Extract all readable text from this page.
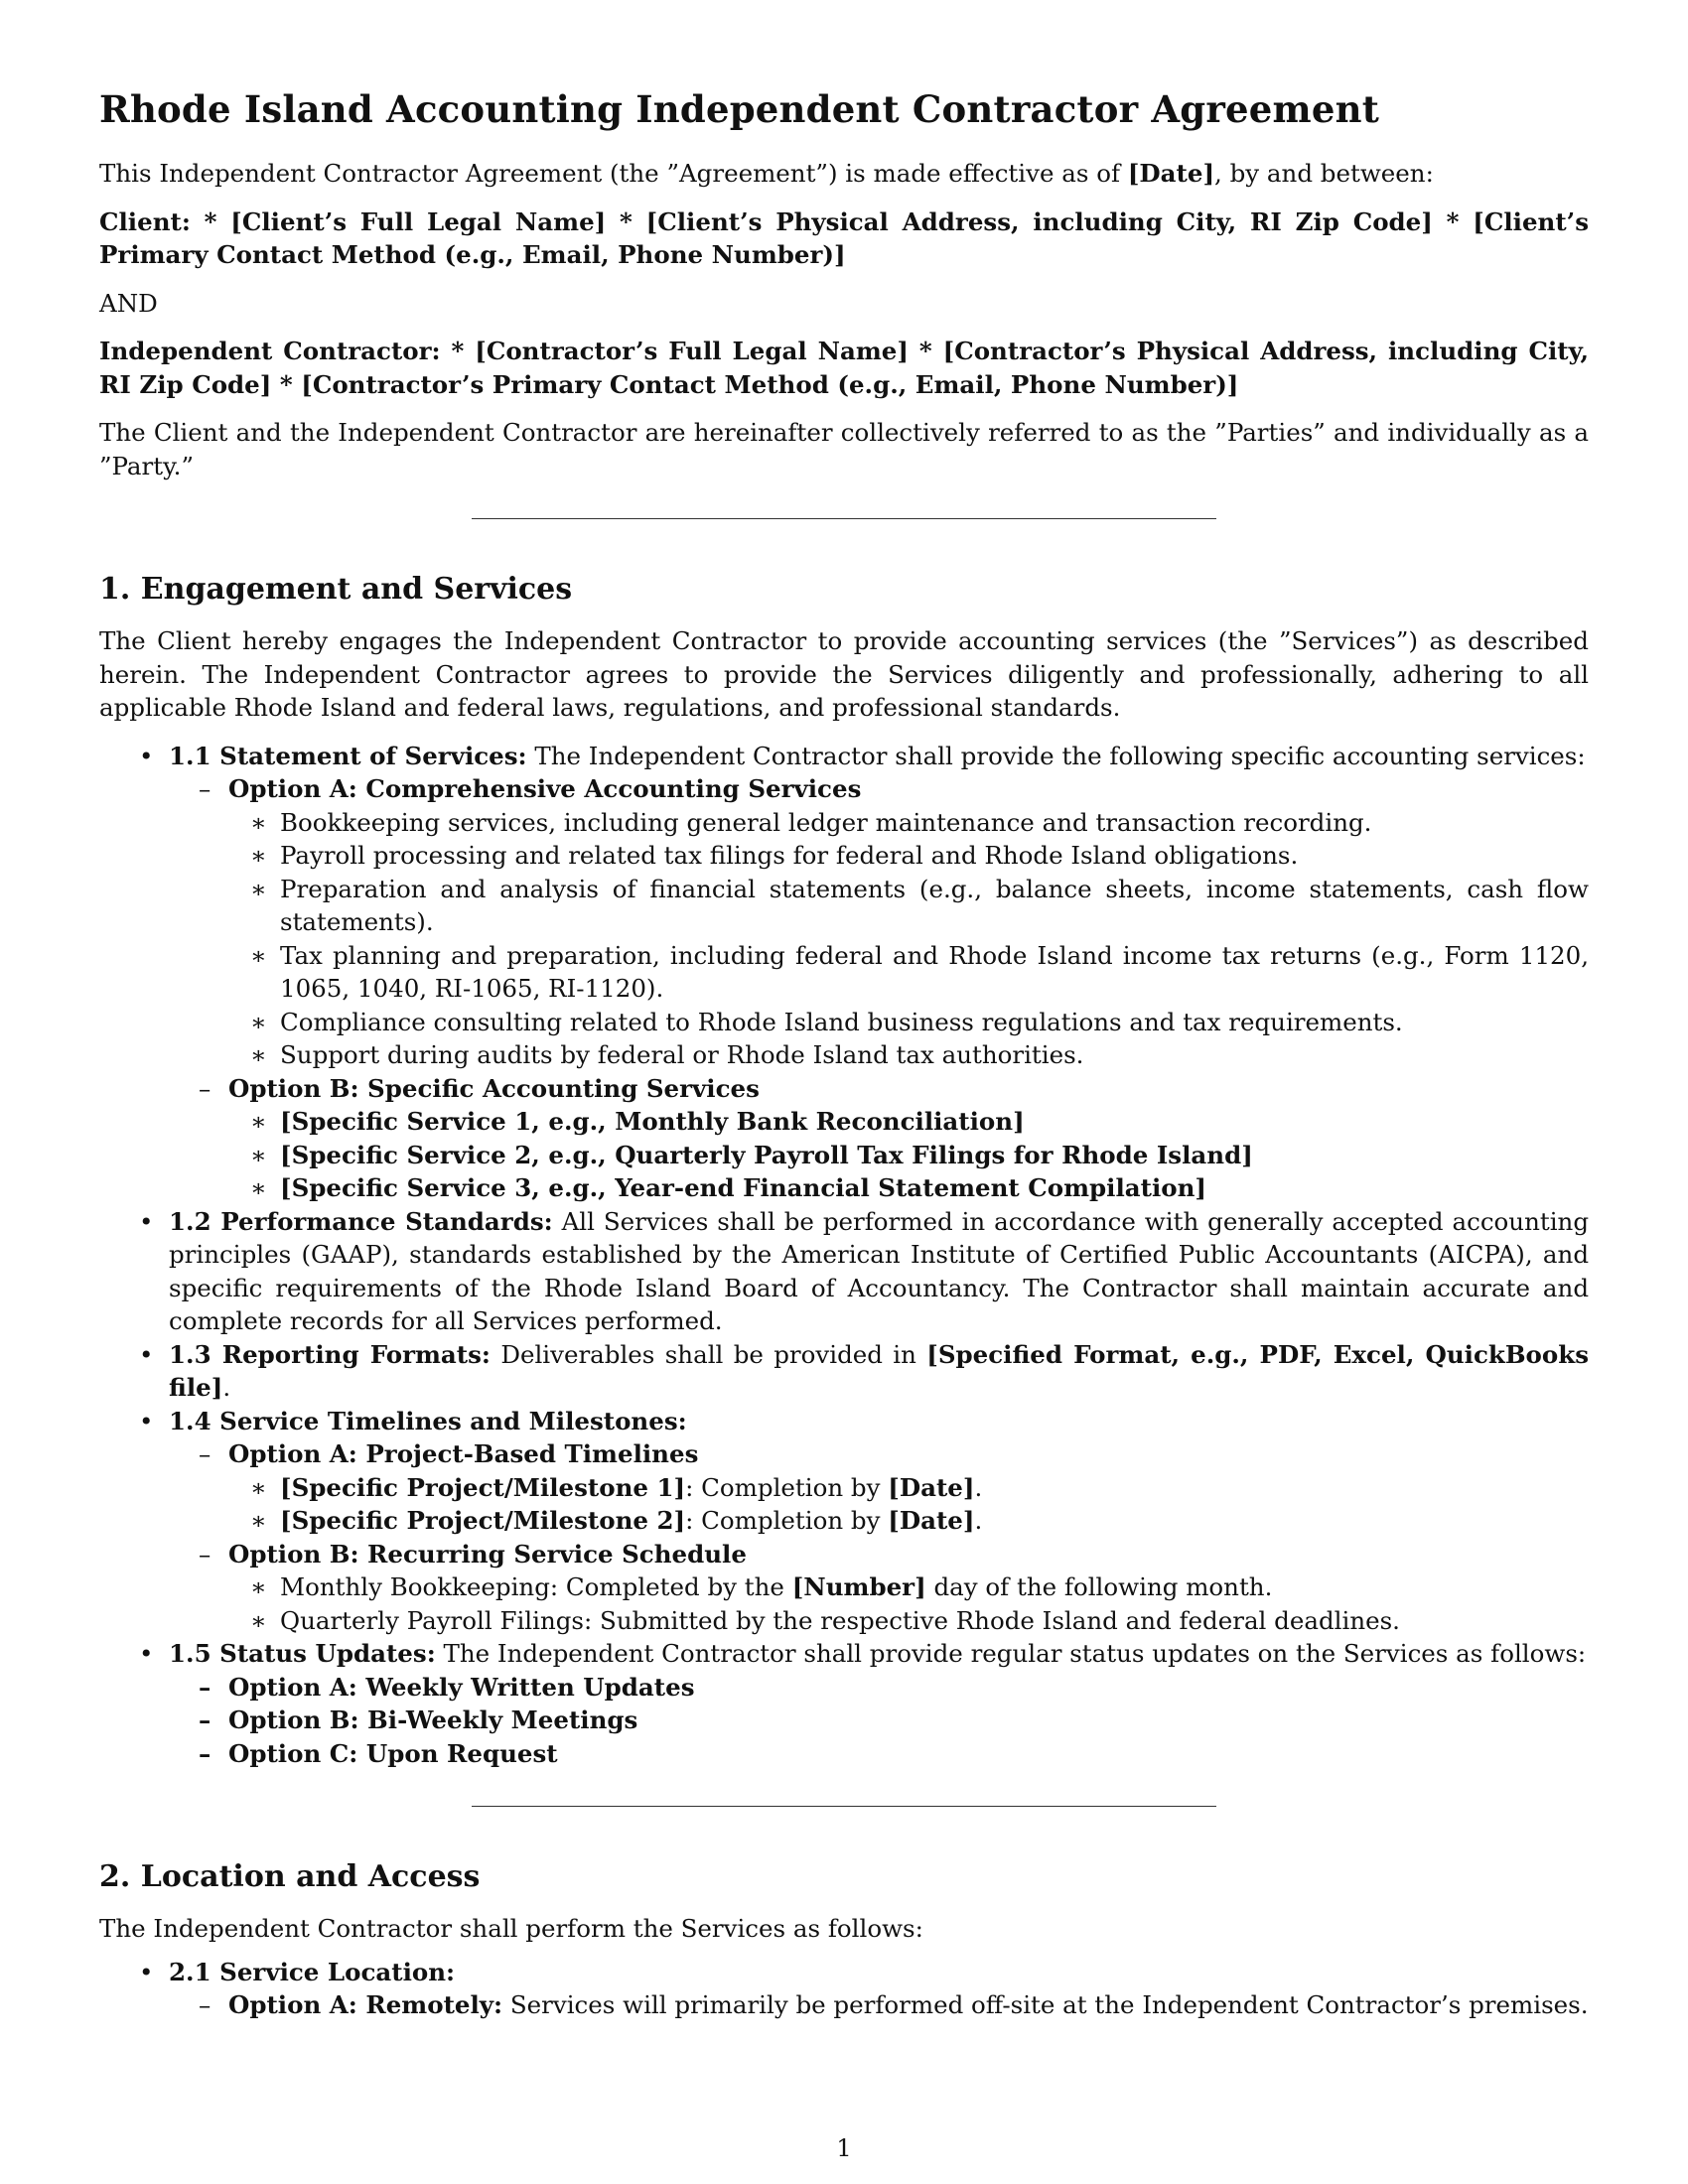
Rhode Island Accounting Independent Contractor Agreement

This Independent Contractor Agreement (the ”Agreement”) is made effective as of [Date], by and between:

Client: * [Client’s Full Legal Name] * [Client’s Physical Address, including City, RI Zip Code] * [Client’s Primary Contact Method (e.g., Email, Phone Number)]

AND

Independent Contractor: * [Contractor’s Full Legal Name] * [Contractor’s Physical Address, including City, RI Zip Code] * [Contractor’s Primary Contact Method (e.g., Email, Phone Number)]

The Client and the Independent Contractor are hereinafter collectively referred to as the ”Parties” and individually as a ”Party.”

1. Engagement and Services

The Client hereby engages the Independent Contractor to provide accounting services (the ”Services”) as described herein. The Independent Contractor agrees to provide the Services diligently and professionally, adhering to all applicable Rhode Island and federal laws, regulations, and professional standards.

• 1.1 Statement of Services: The Independent Contractor shall provide the following specific accounting services:
– Option A: Comprehensive Accounting Services
∗ Bookkeeping services, including general ledger maintenance and transaction recording.
∗ Payroll processing and related tax filings for federal and Rhode Island obligations.
∗ Preparation and analysis of financial statements (e.g., balance sheets, income statements, cash flow statements).
∗ Tax planning and preparation, including federal and Rhode Island income tax returns (e.g., Form 1120, 1065, 1040, RI-1065, RI-1120).
∗ Compliance consulting related to Rhode Island business regulations and tax requirements.
∗ Support during audits by federal or Rhode Island tax authorities.
– Option B: Specific Accounting Services
∗ [Specific Service 1, e.g., Monthly Bank Reconciliation]
∗ [Specific Service 2, e.g., Quarterly Payroll Tax Filings for Rhode Island]
∗ [Specific Service 3, e.g., Year-end Financial Statement Compilation]
• 1.2 Performance Standards: All Services shall be performed in accordance with generally accepted accounting principles (GAAP), standards established by the American Institute of Certified Public Accountants (AICPA), and specific requirements of the Rhode Island Board of Accountancy. The Contractor shall maintain accurate and complete records for all Services performed.
• 1.3 Reporting Formats: Deliverables shall be provided in [Specified Format, e.g., PDF, Excel, QuickBooks file].
• 1.4 Service Timelines and Milestones:
– Option A: Project-Based Timelines
∗ [Specific Project/Milestone 1]: Completion by [Date].
∗ [Specific Project/Milestone 2]: Completion by [Date].
– Option B: Recurring Service Schedule
∗ Monthly Bookkeeping: Completed by the [Number] day of the following month.
∗ Quarterly Payroll Filings: Submitted by the respective Rhode Island and federal deadlines.
• 1.5 Status Updates: The Independent Contractor shall provide regular status updates on the Services as follows:
– Option A: Weekly Written Updates
– Option B: Bi-Weekly Meetings
– Option C: Upon Request
2. Location and Access

The Independent Contractor shall perform the Services as follows:

• 2.1 Service Location:
– Option A: Remotely: Services will primarily be performed off-site at the Independent Contractor’s premises.
1
